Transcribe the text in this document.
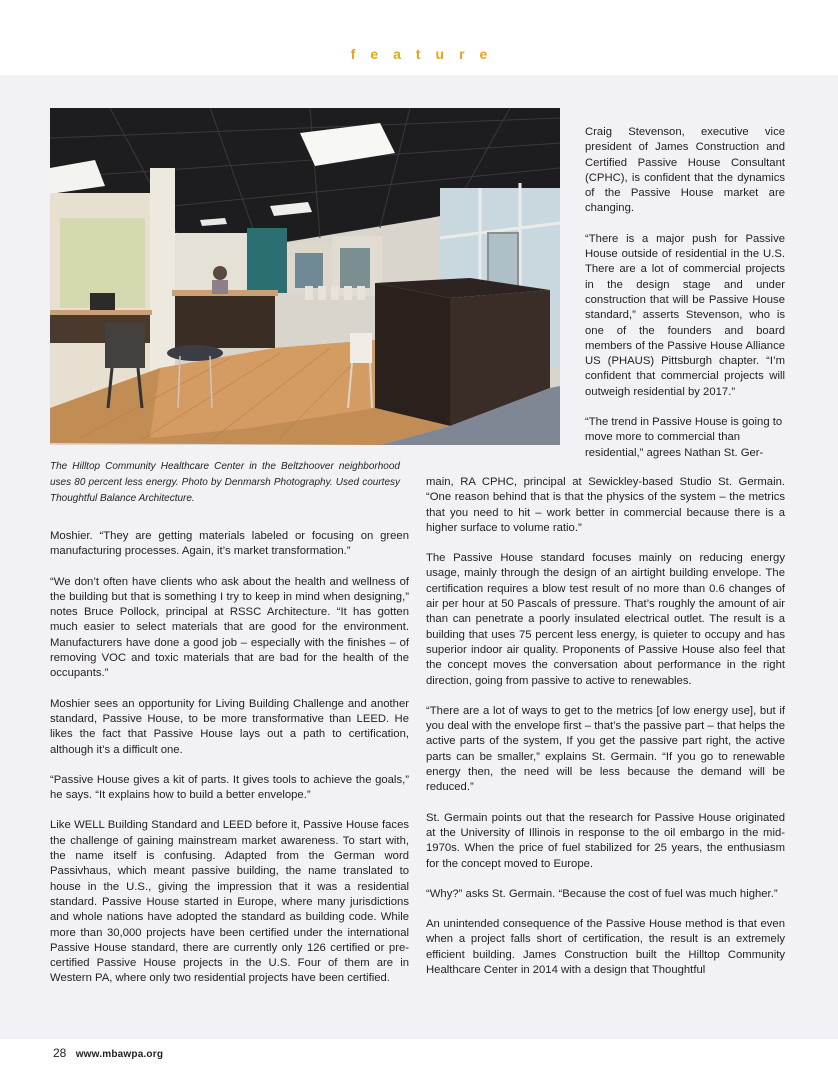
feature
The Hilltop Community Healthcare Center in the Beltzhoover neighborhood uses 80 percent less energy. Photo by Denmarsh Photography. Used courtesy Thoughtful Balance Architecture.

Craig Stevenson, executive vice president of James Construction and Certified Passive House Consultant (CPHC), is confident that the dynamics of the Passive House market are changing.

“There is a major push for Passive House outside of residential in the U.S. There are a lot of commercial projects in the design stage and under construction that will be Passive House standard,” asserts Stevenson, who is one of the founders and board members of the Passive House Alliance US (PHAUS) Pittsburgh chapter. “I’m confident that commercial projects will outweigh residential by 2017.”

“The trend in Passive House is going to move more to commercial than residential,” agrees Nathan St. Ger-

main, RA CPHC, principal at Sewickley-based Studio St. Germain. “One reason behind that is that the physics of the system – the metrics that you need to hit – work better in commercial because there is a higher surface to volume ratio.”

The Passive House standard focuses mainly on reducing energy usage, mainly through the design of an airtight building envelope. The certification requires a blow test result of no more than 0.6 changes of air per hour at 50 Pascals of pressure. That’s roughly the amount of air than can penetrate a poorly insulated electrical outlet. The result is a building that uses 75 percent less energy, is quieter to occupy and has superior indoor air quality. Proponents of Passive House also feel that the concept moves the conversation about performance in the right direction, going from passive to active to renewables.

“There are a lot of ways to get to the metrics [of low energy use], but if you deal with the envelope first – that’s the passive part – that helps the active parts of the system, If you get the passive part right, the active parts can be smaller,” explains St. Germain. “If you go to renewable energy then, the need will be less because the demand will be reduced.”

St. Germain points out that the research for Passive House originated at the University of Illinois in response to the oil embargo in the mid-1970s. When the price of fuel stabilized for 25 years, the enthusiasm for the concept moved to Europe.

“Why?” asks St. Germain. “Because the cost of fuel was much higher.”

An unintended consequence of the Passive House method is that even when a project falls short of certification, the result is an extremely efficient building. James Construction built the Hilltop Community Healthcare Center in 2014 with a design that Thoughtful

Moshier. “They are getting materials labeled or focusing on green manufacturing processes. Again, it’s market transformation.”

“We don’t often have clients who ask about the health and wellness of the building but that is something I try to keep in mind when designing,” notes Bruce Pollock, principal at RSSC Architecture. “It has gotten much easier to select materials that are good for the environment. Manufacturers have done a good job – especially with the finishes – of removing VOC and toxic materials that are bad for the health of the occupants.”

Moshier sees an opportunity for Living Building Challenge and another standard, Passive House, to be more transformative than LEED. He likes the fact that Passive House lays out a path to certification, although it’s a difficult one.

“Passive House gives a kit of parts. It gives tools to achieve the goals,” he says. “It explains how to build a better envelope.”

Like WELL Building Standard and LEED before it, Passive House faces the challenge of gaining mainstream market awareness. To start with, the name itself is confusing. Adapted from the German word Passivhaus, which meant passive building, the name translated to house in the U.S., giving the impression that it was a residential standard. Passive House started in Europe, where many jurisdictions and whole nations have adopted the standard as building code. While more than 30,000 projects have been certified under the international Passive House standard, there are currently only 126 certified or pre-certified Passive House projects in the U.S. Four of them are in Western PA, where only two residential projects have been certified.

28 www.mbawpa.org
